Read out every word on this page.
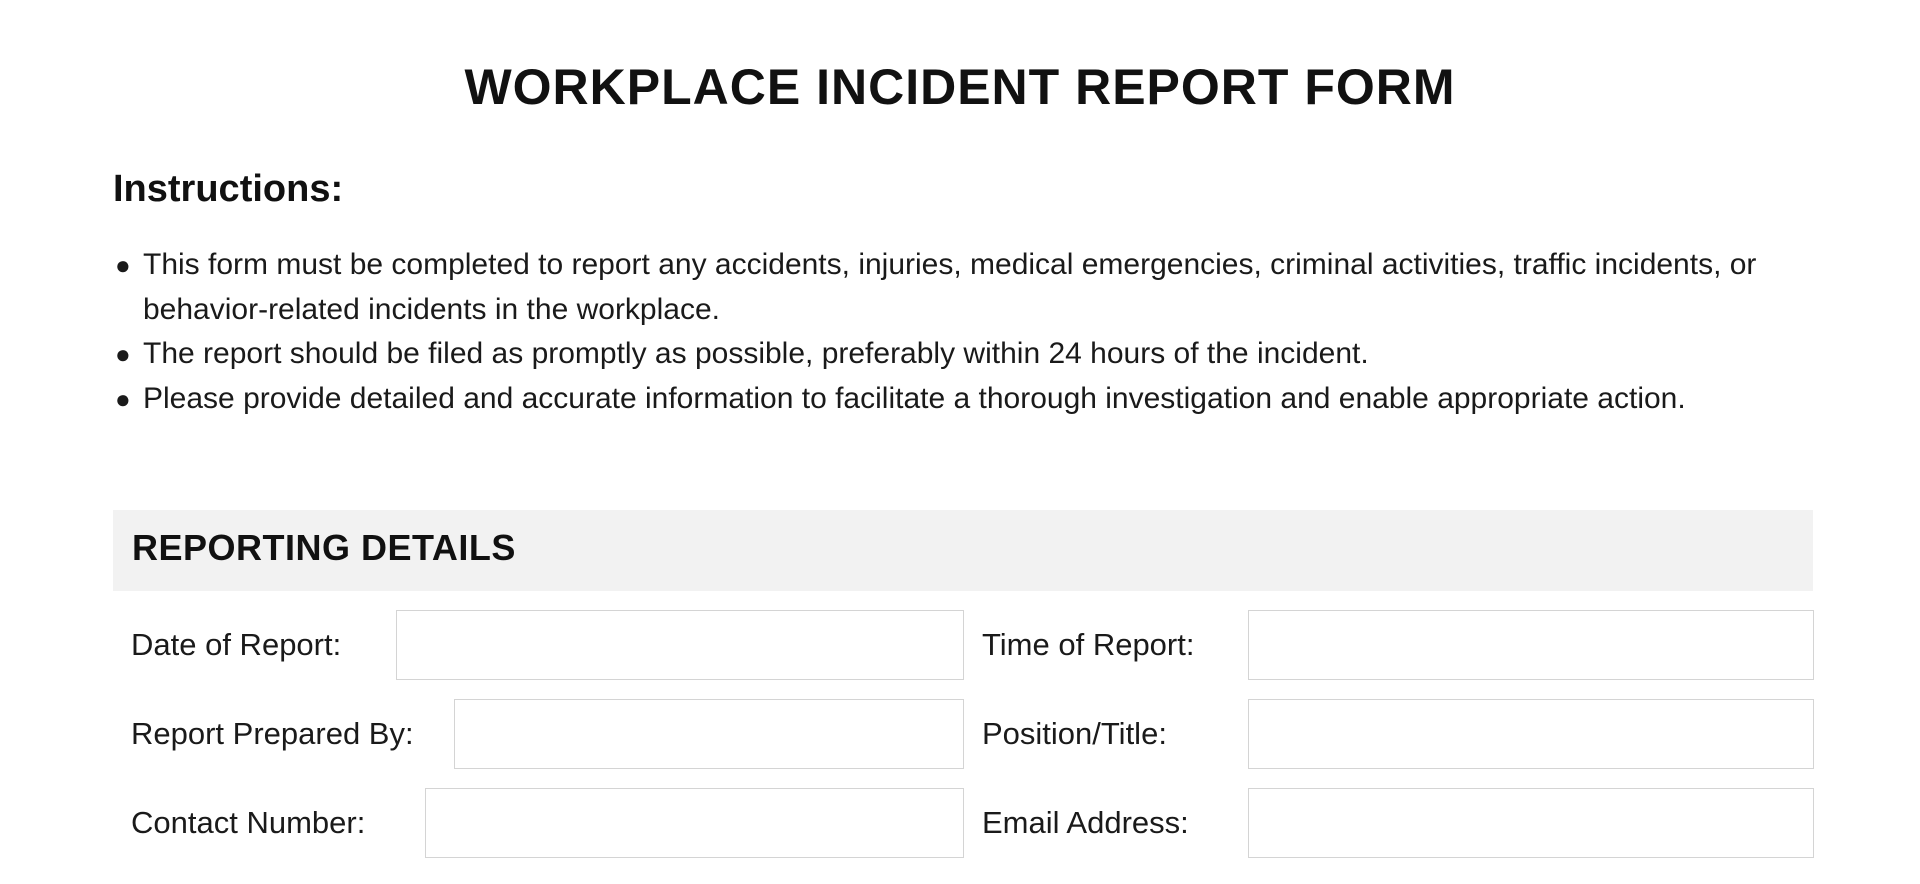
WORKPLACE INCIDENT REPORT FORM
Instructions:
● This form must be completed to report any accidents, injuries, medical emergencies, criminal activities, traffic incidents, or behavior-related incidents in the workplace.
● The report should be filed as promptly as possible, preferably within 24 hours of the incident.
● Please provide detailed and accurate information to facilitate a thorough investigation and enable appropriate action.
REPORTING DETAILS
Date of Report:	Time of Report:
Report Prepared By:	Position/Title:
Contact Number:	Email Address:
